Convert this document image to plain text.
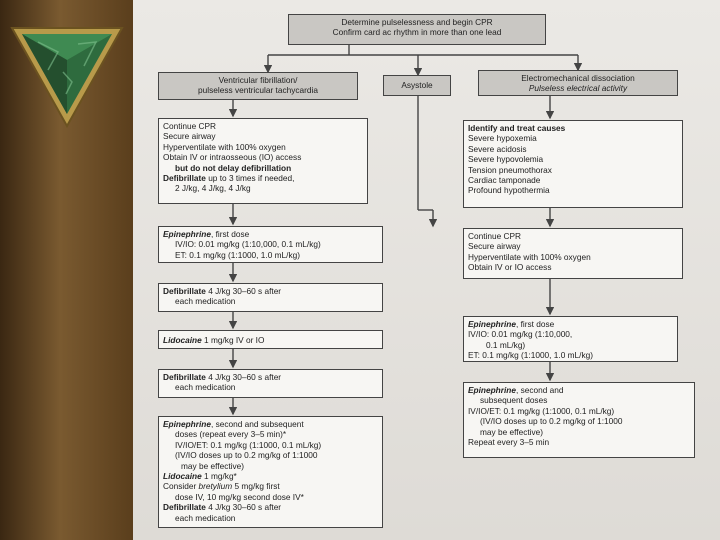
Determine pulselessness and begin CPR
Confirm card ac rhythm in more than one lead
Ventricular fibrillation/
pulseless ventricular tachycardia
Asystole
Electromechanical dissociation
Pulseless electrical activity
Continue CPR
Secure airway
Hyperventilate with 100% oxygen
Obtain IV or intraosseous (IO) access
but do not delay defibrillation
Defibrillate up to 3 times if needed,
2 J/kg, 4 J/kg, 4 J/kg
Epinephrine, first dose
IV/IO: 0.01 mg/kg (1:10,000, 0.1 mL/kg)
ET: 0.1 mg/kg (1:1000, 1.0 mL/kg)
Defibrillate 4 J/kg 30–60 s after
each medication
Lidocaine 1 mg/kg IV or IO
Defibrillate 4 J/kg 30–60 s after
each medication
Epinephrine, second and subsequent
doses (repeat every 3–5 min)*
IV/IO/ET: 0.1 mg/kg (1:1000, 0.1 mL/kg)
(IV/IO doses up to 0.2 mg/kg of 1:1000
may be effective)
Lidocaine 1 mg/kg*
Consider bretylium 5 mg/kg first
dose IV, 10 mg/kg second dose IV*
Defibrillate 4 J/kg 30–60 s after
each medication
Identify and treat causes
Severe hypoxemia
Severe acidosis
Severe hypovolemia
Tension pneumothorax
Cardiac tamponade
Profound hypothermia
Continue CPR
Secure airway
Hyperventilate with 100% oxygen
Obtain IV or IO access
Epinephrine, first dose
IV/IO: 0.01 mg/kg (1:10,000,
0.1 mL/kg)
ET: 0.1 mg/kg (1:1000, 1.0 mL/kg)
Epinephrine, second and
subsequent doses
IV/IO/ET: 0.1 mg/kg (1:1000, 0.1 mL/kg)
(IV/IO doses up to 0.2 mg/kg of 1:1000
may be effective)
Repeat every 3–5 min
